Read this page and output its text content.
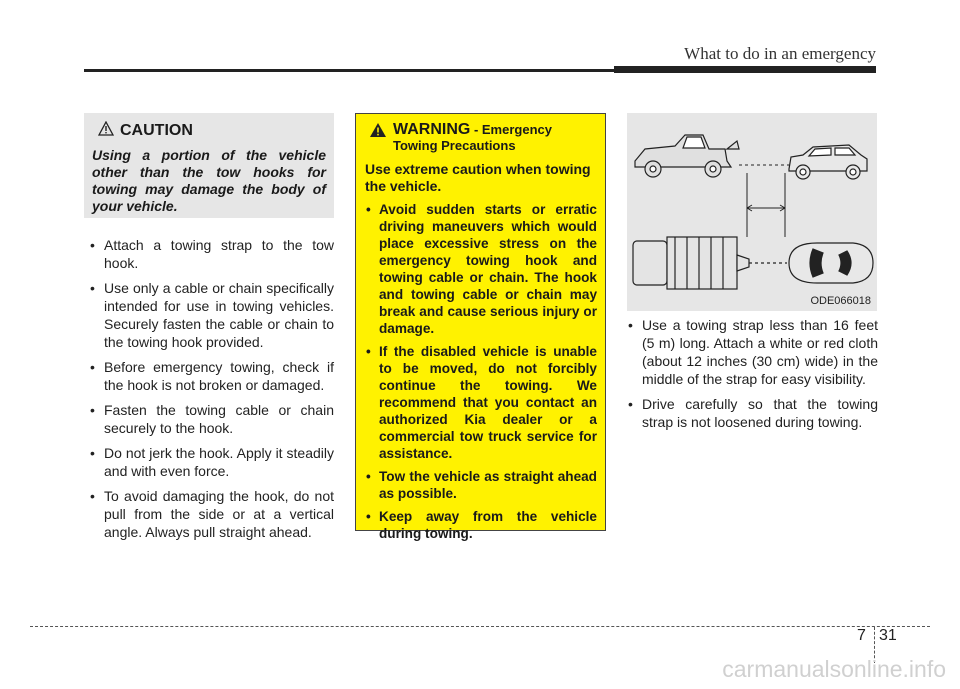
What to do in an emergency
CAUTION
Using a portion of the vehicle other than the tow hooks for towing may damage the body of your vehicle.
• Attach a towing strap to the tow hook.
• Use only a cable or chain specifically intended for use in towing vehicles. Securely fasten the cable or chain to the towing hook provided.
• Before emergency towing, check if the hook is not broken or damaged.
• Fasten the towing cable or chain securely to the hook.
• Do not jerk the hook. Apply it steadily and with even force.
• To avoid damaging the hook, do not pull from the side or at a vertical angle. Always pull straight ahead.
WARNING - Emergency Towing Precautions
Use extreme caution when towing the vehicle.
• Avoid sudden starts or erratic driving maneuvers which would place excessive stress on the emergency towing hook and towing cable or chain. The hook and towing cable or chain may break and cause serious injury or damage.
• If the disabled vehicle is unable to be moved, do not forcibly continue the towing. We recommend that you contact an authorized Kia dealer or a commercial tow truck service for assistance.
• Tow the vehicle as straight ahead as possible.
• Keep away from the vehicle during towing.
ODE066018
• Use a towing strap less than 16 feet (5 m) long. Attach a white or red cloth (about 12 inches (30 cm) wide) in the middle of the strap for easy visibility.
• Drive carefully so that the towing strap is not loosened during towing.
7 31
carmanualsonline.info
